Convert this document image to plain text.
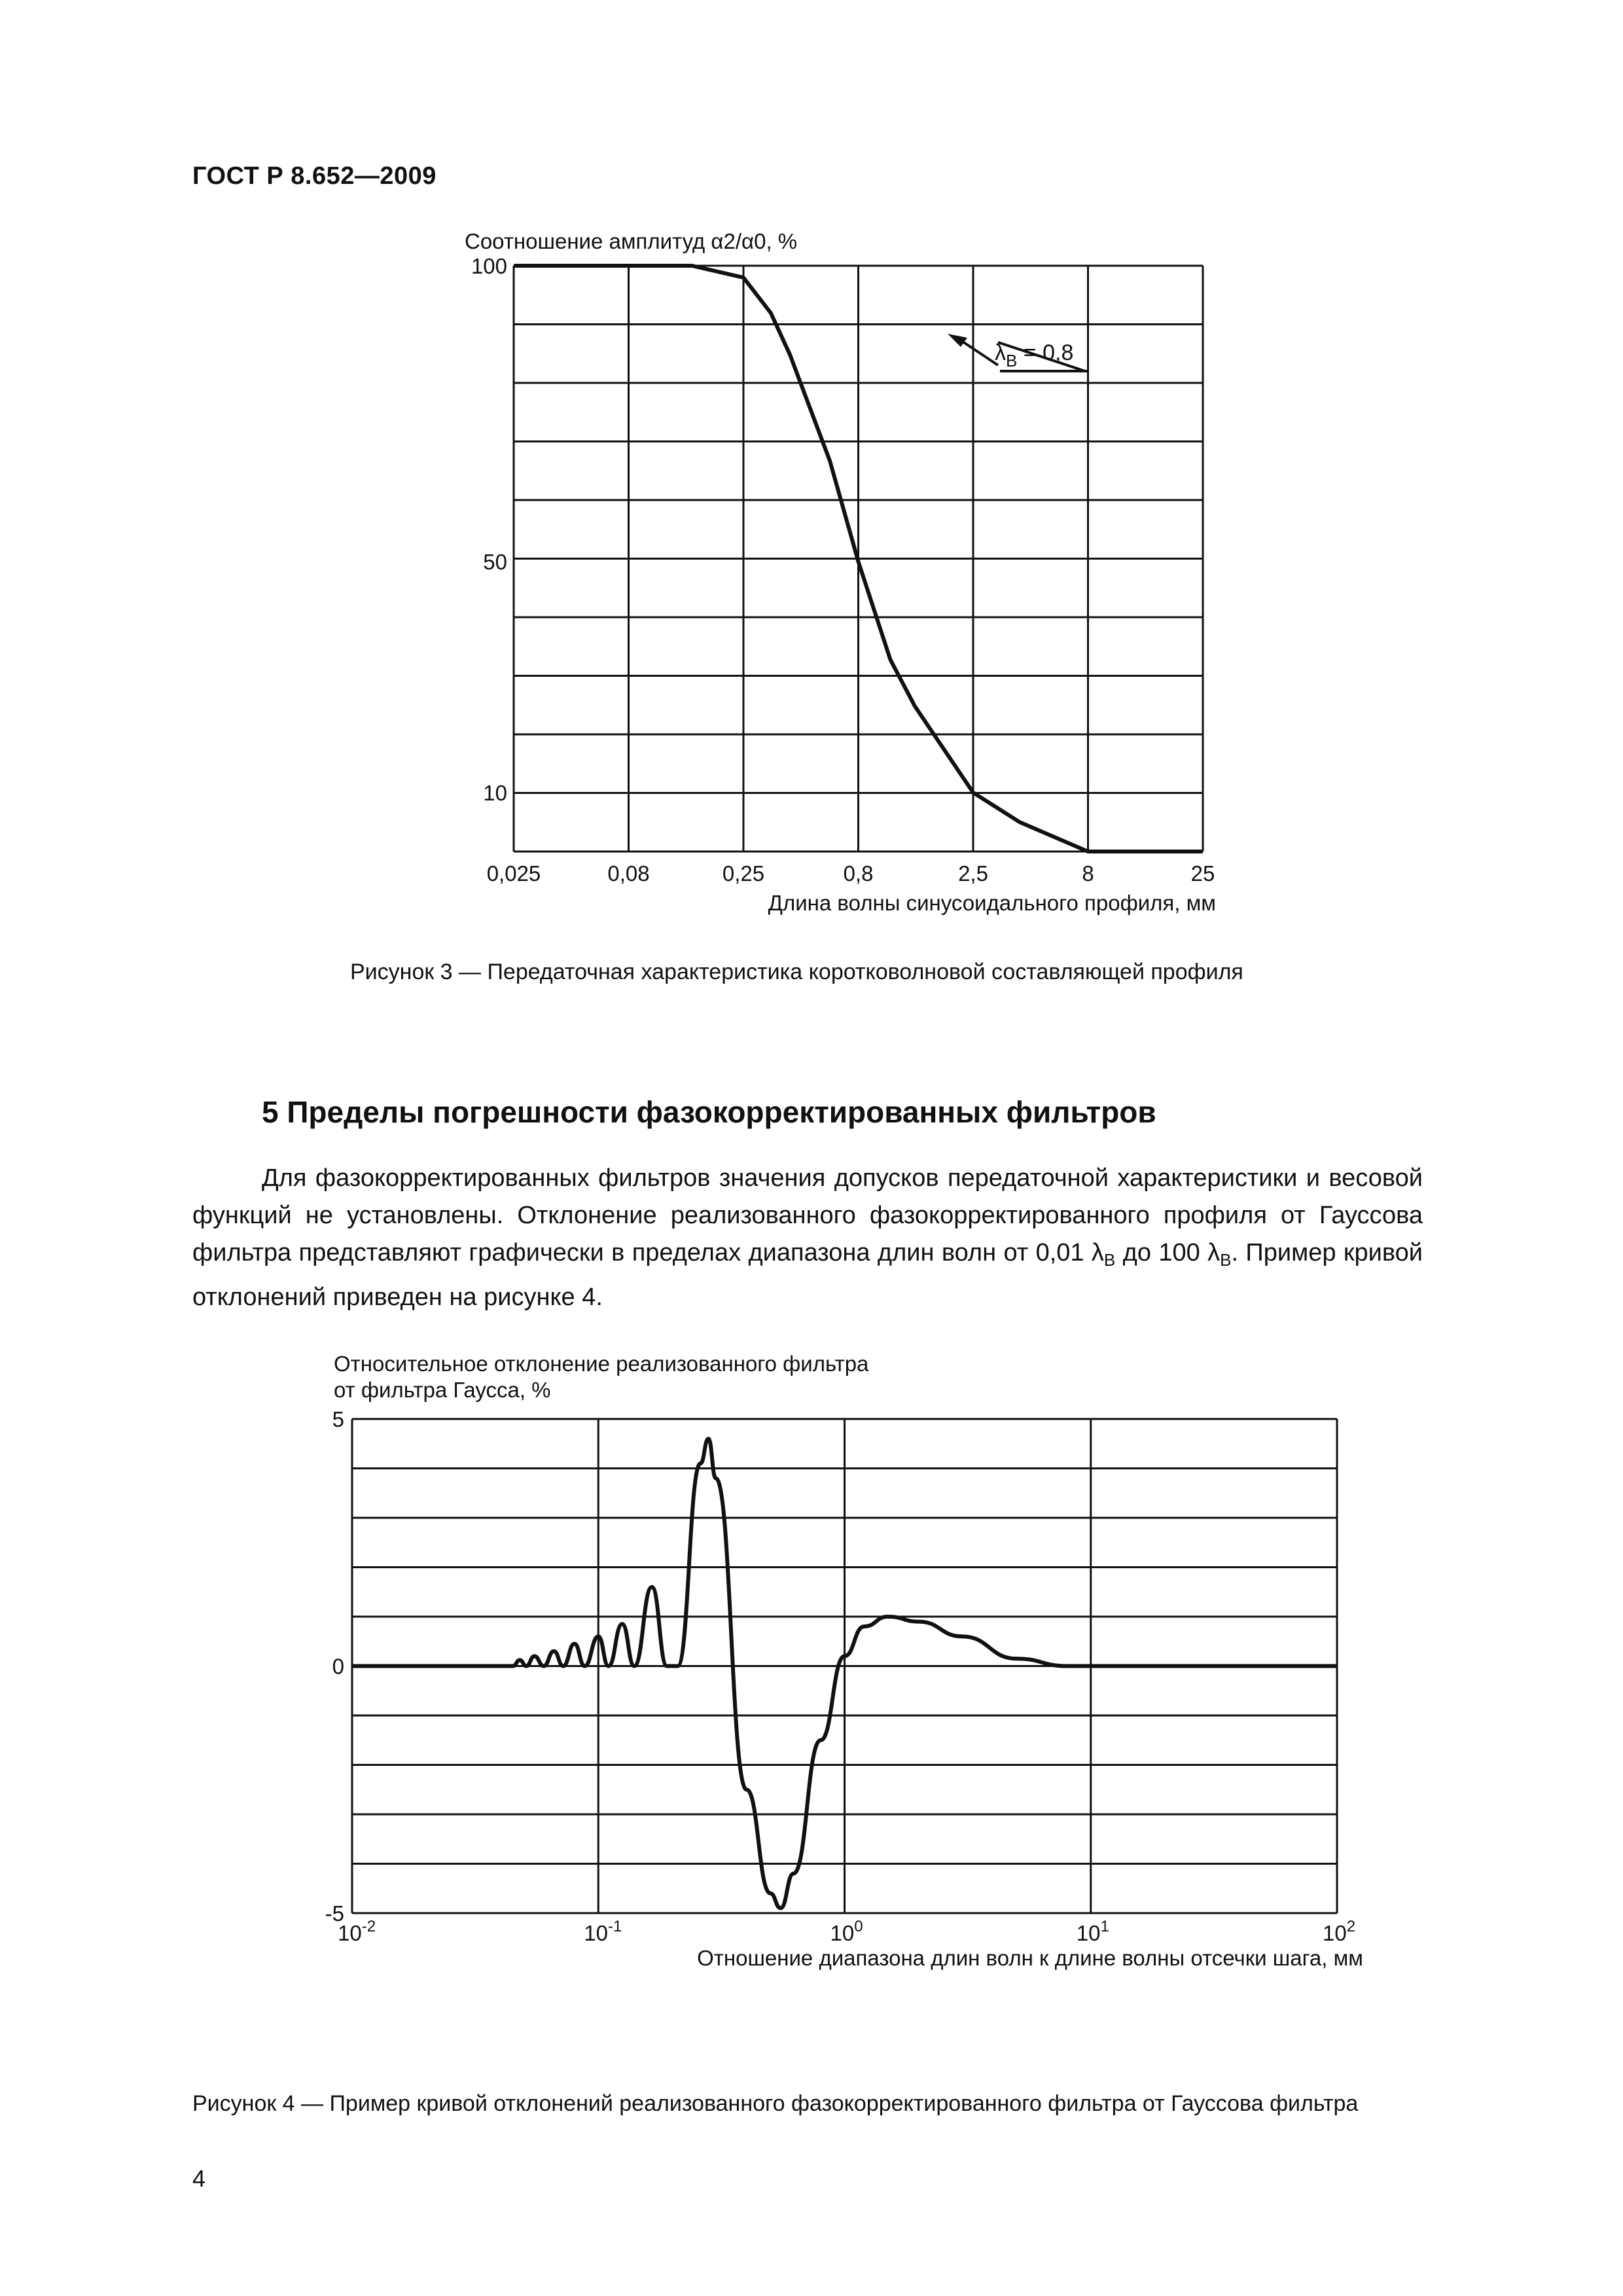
ГОСТ Р 8.652—2009
0,025	0,08	0,25	0,8	2,5	8	25
100
50
10
Соотношение амплитуд α2/α0, %
Длина волны синусоидального профиля, мм
$\lambda_B = 0,8$
$10^{-2}$	$10^{-1}$	$10^0$	$10^1$	$10^2$
5
0
-5
Относительное отклонение реализованного фильтра от фильтра Гаусса, %
Отношение диапазона длин волн к длине волны отсечки шага, мм
Рисунок 3 — Передаточная характеристика коротковолновой составляющей профиля
5 Пределы погрешности фазокорректированных фильтров
Для фазокорректированных фильтров значения допусков передаточной характеристики и весовой функций не установлены. Отклонение реализованного фазокорректированного профиля от Гауссова фильтра представляют графически в пределах диапазона длин волн от 0,01 $\lambda_B$ до 100 $\lambda_B$. Пример кривой отклонений приведен на рисунке 4.
Рисунок 4 — Пример кривой отклонений реализованного фазокорректированного фильтра от Гауссова фильтра
4
